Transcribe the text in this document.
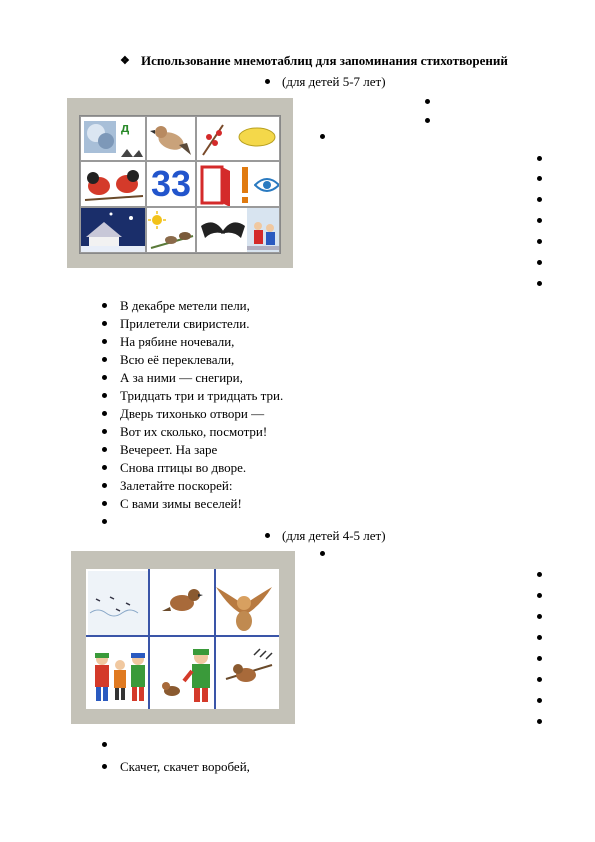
❖ Использование мнемотаблиц для запоминания стихотворений
(для детей 5-7 лет)
д
33
В декабре метели пели,
Прилетели свиристели.
На рябине ночевали,
Всю её переклевали,
А за ними — снегири,
Тридцать три и тридцать три.
Дверь тихонько отвори —
Вот их сколько, посмотри!
Вечереет. На заре
Снова птицы во дворе.
Залетайте поскорей:
С вами зимы веселей!
(для детей 4-5 лет)
Скачет, скачет воробей,
